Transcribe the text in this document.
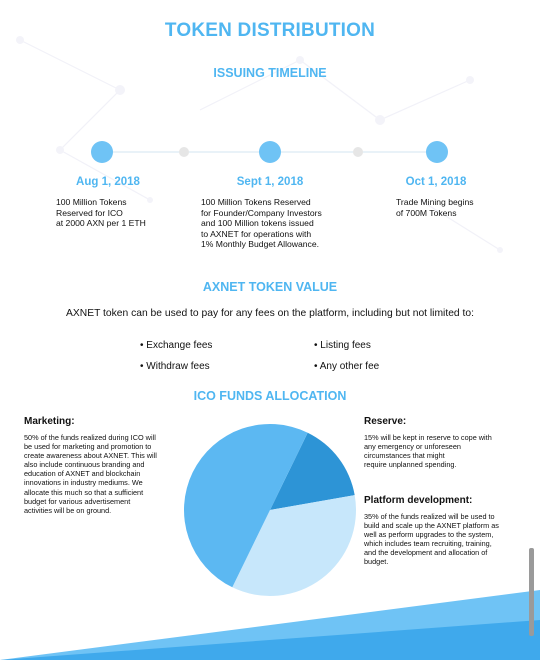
TOKEN DISTRIBUTION
ISSUING TIMELINE
Aug 1, 2018	Sept 1, 2018	Oct 1, 2018
100 Million Tokens
Reserved for ICO
at 2000 AXN per 1 ETH
100 Million Tokens Reserved
for Founder/Company Investors
and 100 Million tokens issued
to AXNET for operations with
1% Monthly Budget Allowance.
Trade Mining begins
of 700M Tokens
AXNET TOKEN VALUE
AXNET token can be used to pay for any fees on the platform, including but not limited to:
• Exchange fees	• Listing fees
• Withdraw fees	• Any other fee
ICO FUNDS ALLOCATION
Marketing:
50% of the funds realized during ICO will
be used for marketing and promotion to
create awareness about AXNET. This will
also include continuous branding and
education of AXNET and blockchain
innovations in industry mediums. We
allocate this much so that a sufficient
budget for various advertisement
activities will be on ground.
Reserve:
15% will be kept in reserve to cope with
any emergency or unforeseen
circumstances that might
require unplanned spending.
Platform development:
35% of the funds realized will be used to
build and scale up the AXNET platform as
well as perform upgrades to the system,
which includes team recruiting, training,
and the development and allocation of
budget.
